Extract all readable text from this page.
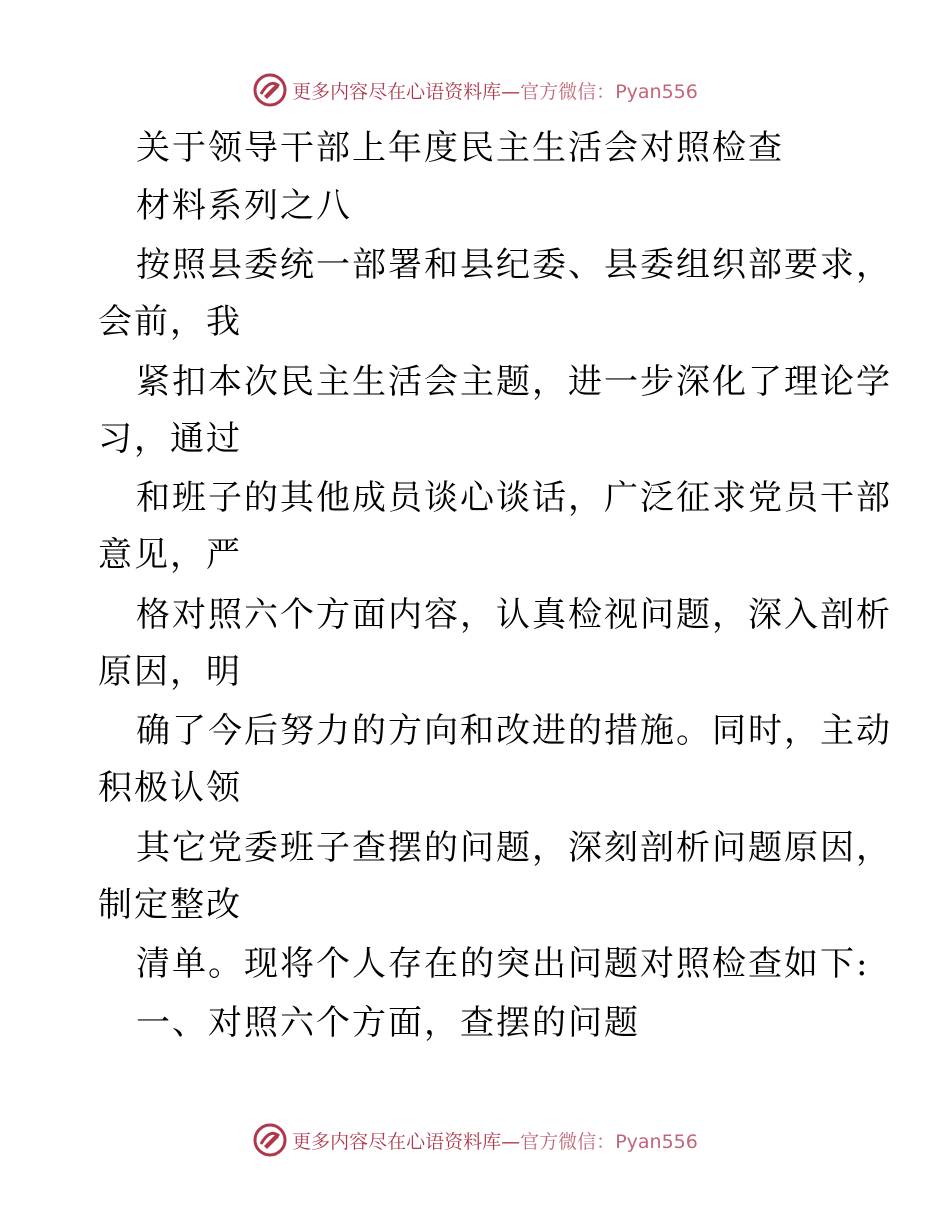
更多内容尽在心语资料库—官方微信：Pyan556
关于领导干部上年度民主生活会对照检查
材料系列之八
按照县委统一部署和县纪委、县委组织部要求，
会前，我
紧扣本次民主生活会主题，进一步深化了理论学
习，通过
和班子的其他成员谈心谈话，广泛征求党员干部
意见，严
格对照六个方面内容，认真检视问题，深入剖析
原因，明
确了今后努力的方向和改进的措施。同时，主动
积极认领
其它党委班子查摆的问题，深刻剖析问题原因，
制定整改
清单。现将个人存在的突出问题对照检查如下:
一、对照六个方面，查摆的问题
更多内容尽在心语资料库—官方微信：Pyan556
